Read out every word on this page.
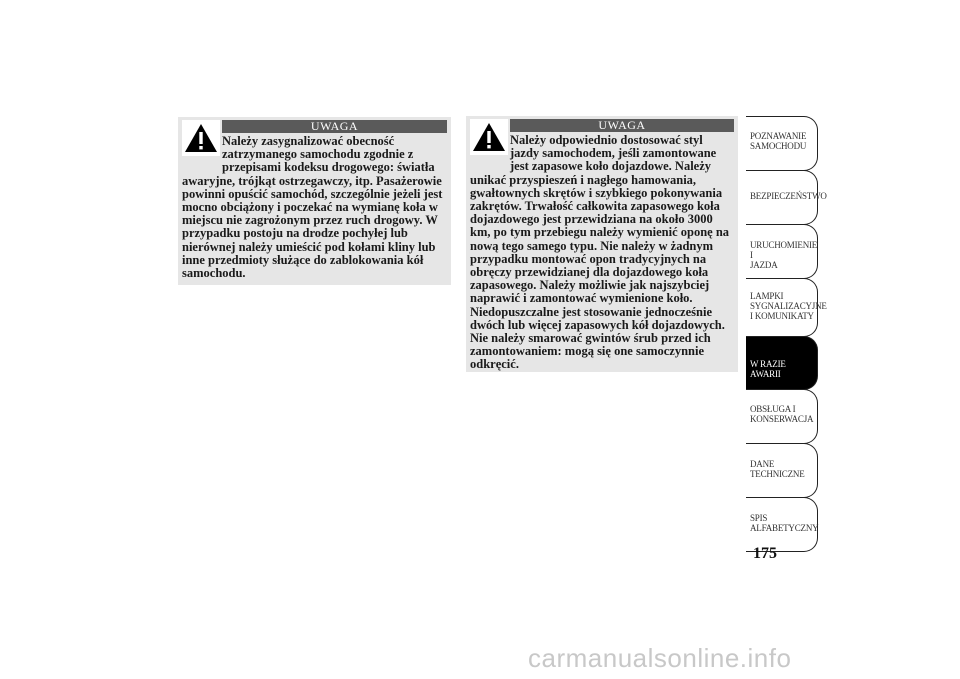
UWAGA

Należy zasygnalizować obecność zatrzymanego samochodu zgodnie z przepisami kodeksu drogowego: światła awaryjne, trójkąt ostrzegawczy, itp. Pasażerowie powinni opuścić samochód, szczególnie jeżeli jest mocno obciążony i poczekać na wymianę koła w miejscu nie zagrożonym przez ruch drogowy. W przypadku postoju na drodze pochyłej lub nierównej należy umieścić pod kołami kliny lub inne przedmioty służące do zablokowania kół samochodu.

UWAGA

Należy odpowiednio dostosować styl jazdy samochodem, jeśli zamontowane jest zapasowe koło dojazdowe. Należy unikać przyspieszeń i nagłego hamowania, gwałtownych skrętów i szybkiego pokonywania zakrętów. Trwałość całkowita zapasowego koła dojazdowego jest przewidziana na około 3000 km, po tym przebiegu należy wymienić oponę na nową tego samego typu. Nie należy w żadnym przypadku montować opon tradycyjnych na obręczy przewidzianej dla dojazdowego koła zapasowego. Należy możliwie jak najszybciej naprawić i zamontować wymienione koło. Niedopuszczalne jest stosowanie jednocześnie dwóch lub więcej zapasowych kół dojazdowych. Nie należy smarować gwintów śrub przed ich zamontowaniem: mogą się one samoczynnie odkręcić.

POZNAWANIE
SAMOCHODU
BEZPIECZEŃSTWO
URUCHOMIENIE I
JAZDA
LAMPKI
SYGNALIZACYJNE
I KOMUNIKATY
W RAZIE AWARII
OBSŁUGA I
KONSERWACJA
DANE
TECHNICZNE
SPIS
ALFABETYCZNY
175
carmanualsonline.info
